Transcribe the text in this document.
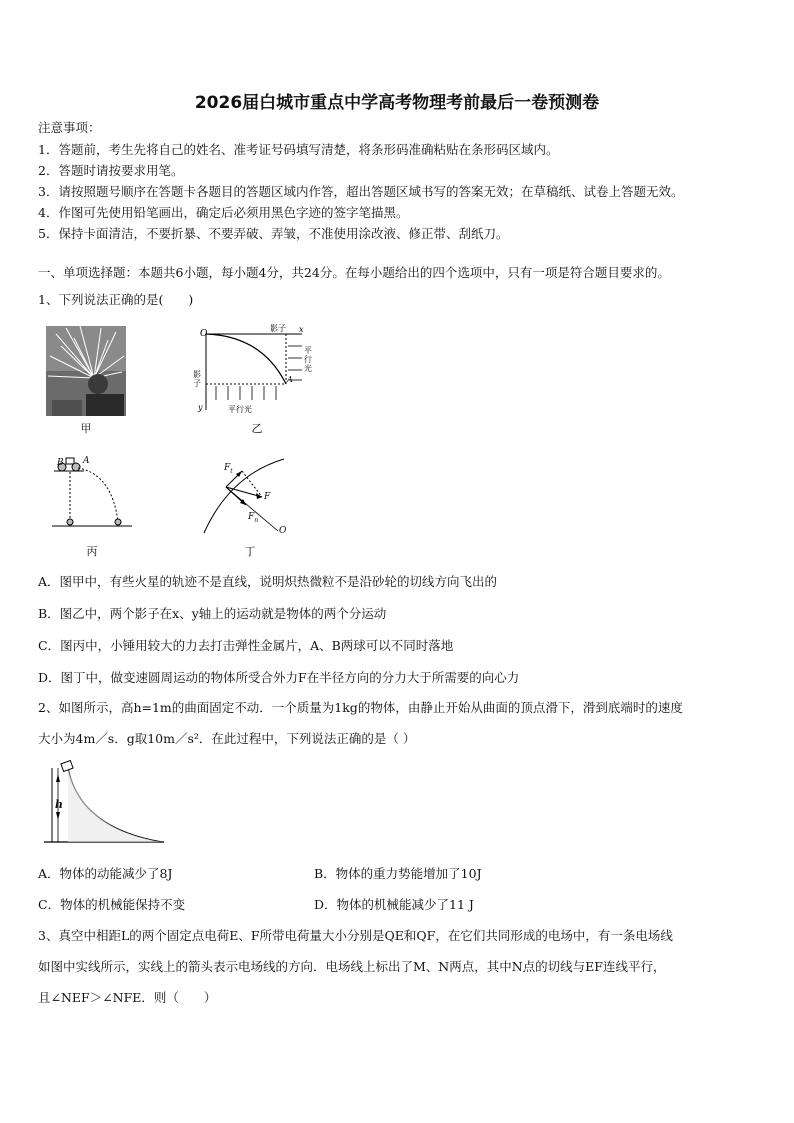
2026届白城市重点中学高考物理考前最后一卷预测卷
注意事项：
1．答题前，考生先将自己的姓名、准考证号码填写清楚，将条形码准确粘贴在条形码区域内。
2．答题时请按要求用笔。
3．请按照题号顺序在答题卡各题目的答题区域内作答，超出答题区域书写的答案无效；在草稿纸、试卷上答题无效。
4．作图可先使用铅笔画出，确定后必须用黑色字迹的签字笔描黑。
5．保持卡面清洁，不要折暴、不要弄破、弄皱，不准使用涂改液、修正带、刮纸刀。
一、单项选择题：本题共6小题，每小题4分，共24分。在每小题给出的四个选项中，只有一项是符合题目要求的。
1、下列说法正确的是(　　)
甲
O	x
y
A
影子
平行光
影子
平行光
乙
B A
丙
$F_t$
F
$F_n$
O
丁
A．图甲中，有些火星的轨迹不是直线，说明炽热微粒不是沿砂轮的切线方向飞出的
B．图乙中，两个影子在x、y轴上的运动就是物体的两个分运动
C．图丙中，小锤用较大的力去打击弹性金属片，A、B两球可以不同时落地
D．图丁中，做变速圆周运动的物体所受合外力F在半径方向的分力大于所需要的向心力
2、如图所示，高h=1m的曲面固定不动．一个质量为1kg的物体，由静止开始从曲面的顶点滑下，滑到底端时的速度
大小为4m／s．g取10m／s²．在此过程中，下列说法正确的是（ ）
h
A．物体的动能减少了8J	B．物体的重力势能增加了10J
C．物体的机械能保持不变	D．物体的机械能减少了11 J
3、真空中相距L的两个固定点电荷E、F所带电荷量大小分别是QE和QF，在它们共同形成的电场中，有一条电场线
如图中实线所示，实线上的箭头表示电场线的方向．电场线上标出了M、N两点，其中N点的切线与EF连线平行，
且∠NEF＞∠NFE．则（　　）
